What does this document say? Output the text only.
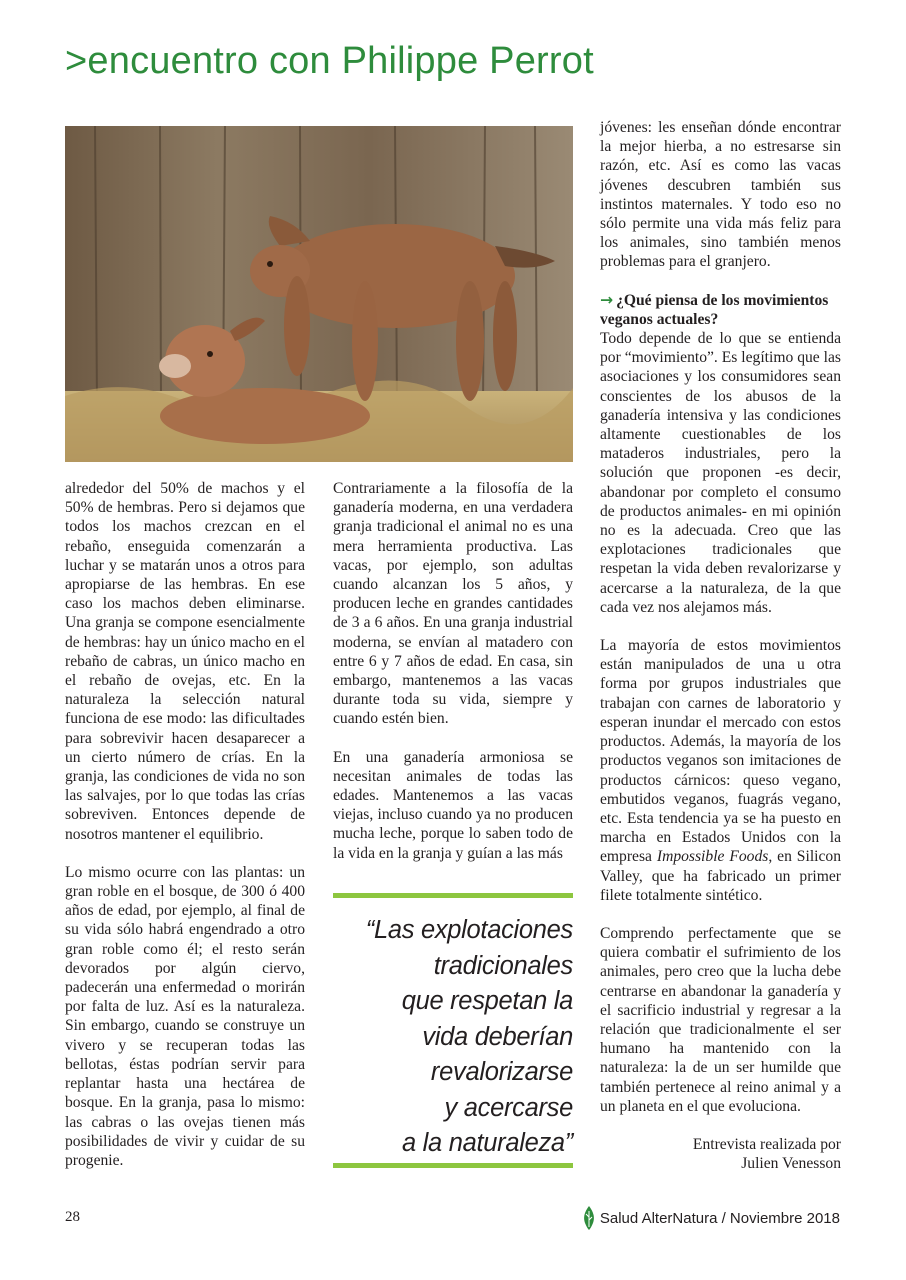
>encuentro con Philippe Perrot

alrededor del 50% de machos y el 50% de hembras. Pero si dejamos que todos los machos crezcan en el rebaño, enseguida comenzarán a luchar y se matarán unos a otros para apropiarse de las hembras. En ese caso los machos deben eliminarse. Una granja se compone esencialmente de hembras: hay un único macho en el rebaño de cabras, un único macho en el rebaño de ovejas, etc. En la naturaleza la selección natural funciona de ese modo: las dificultades para sobrevivir hacen desaparecer a un cierto número de crías. En la granja, las condiciones de vida no son las salvajes, por lo que todas las crías sobreviven. Entonces depende de nosotros mantener el equilibrio.

Lo mismo ocurre con las plantas: un gran roble en el bosque, de 300 ó 400 años de edad, por ejemplo, al final de su vida sólo habrá engendrado a otro gran roble como él; el resto serán devorados por algún ciervo, padecerán una enfermedad o morirán por falta de luz. Así es la naturaleza. Sin embargo, cuando se construye un vivero y se recuperan todas las bellotas, éstas podrían servir para replantar hasta una hectárea de bosque. En la granja, pasa lo mismo: las cabras o las ovejas tienen más posibilidades de vivir y cuidar de su progenie.

Contrariamente a la filosofía de la ganadería moderna, en una verdadera granja tradicional el animal no es una mera herramienta productiva. Las vacas, por ejemplo, son adultas cuando alcanzan los 5 años, y producen leche en grandes cantidades de 3 a 6 años. En una granja industrial moderna, se envían al matadero con entre 6 y 7 años de edad. En casa, sin embargo, mantenemos a las vacas durante toda su vida, siempre y cuando estén bien.

En una ganadería armoniosa se necesitan animales de todas las edades. Mantenemos a las vacas viejas, incluso cuando ya no producen mucha leche, porque lo saben todo de la vida en la granja y guían a las más

“Las explotaciones
tradicionales
que respetan la
vida deberían
revalorizarse
y acercarse
a la naturaleza”

jóvenes: les enseñan dónde encontrar la mejor hierba, a no estresarse sin razón, etc. Así es como las vacas jóvenes descubren también sus instintos maternales. Y todo eso no sólo permite una vida más feliz para los animales, sino también menos problemas para el granjero.

→ ¿Qué piensa de los movimientos veganos actuales?

Todo depende de lo que se entienda por “movimiento”. Es legítimo que las asociaciones y los consumidores sean conscientes de los abusos de la ganadería intensiva y las condiciones altamente cuestionables de los mataderos industriales, pero la solución que proponen -es decir, abandonar por completo el consumo de productos animales- en mi opinión no es la adecuada. Creo que las explotaciones tradicionales que respetan la vida deben revalorizarse y acercarse a la naturaleza, de la que cada vez nos alejamos más.

La mayoría de estos movimientos están manipulados de una u otra forma por grupos industriales que trabajan con carnes de laboratorio y esperan inundar el mercado con estos productos. Además, la mayoría de los productos veganos son imitaciones de productos cárnicos: queso vegano, embutidos veganos, fuagrás vegano, etc. Esta tendencia ya se ha puesto en marcha en Estados Unidos con la empresa Impossible Foods, en Silicon Valley, que ha fabricado un primer filete totalmente sintético.

Comprendo perfectamente que se quiera combatir el sufrimiento de los animales, pero creo que la lucha debe centrarse en abandonar la ganadería y el sacrificio industrial y regresar a la relación que tradicionalmente el ser humano ha mantenido con la naturaleza: la de un ser humilde que también pertenece al reino animal y a un planeta en el que evoluciona.

Entrevista realizada por
Julien Venesson
28	Salud AlterNatura / Noviembre 2018
